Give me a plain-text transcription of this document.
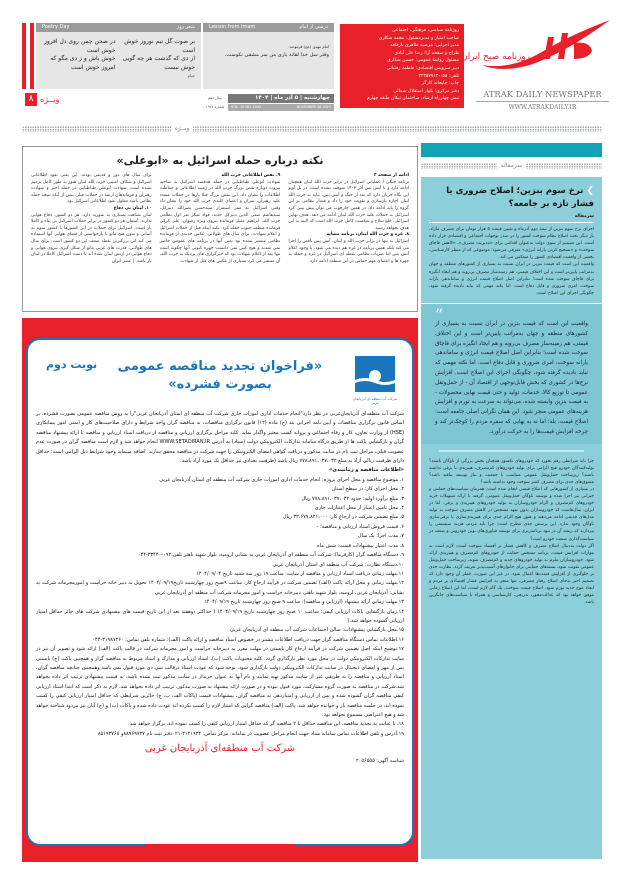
Poetry Day	شعر روز
بر صوت گل تیم نوروز خوش است
از دی که گذشت هر چه گویی خوش نیست
خیام
در صحن چمن روی دل افروز خوش است
خوش باش و ز دی مگو که امروز خوش است
Lesson from Imam	درسی از امام
امام مهدی (عج) فرمودند:
وقتر سل خدا لقانه باری من سر مشقی نکوست.
سال دهم
شماره ۱۹۴۲
چهارشنبه | ۵ آذر ماه | ۱۴۰۴
VOL. 10 NO. 1942	NOVEMBER 26 2025
۸ ویــژه
روزنامه سیاسی، فرهنگی، اجتماعی
صاحب امتیاز و مدیرمسئول: محمد شکاری
مدیر اجرایی: مرضیه طاهری بازقلعه
طراح و صفحه آرا: رضا علی آبادی
مسئول روابط عمومی: حسین شکاری
دبیر سرویس اقتصادی: فاطمه رفتیانی
تلفن: ۰۵۸-۳۲۲۵۷۷۱۲
چاپ: چاپخانه کارگر
دفتر مرکزی: بلوار استقلال شمالی
نبش چهارراه ارشاد، ساختمان نیکان طبقه چهارم
روزنامه صبح ایران
ATRAK DAILY NEWSPAPER
WWW.ATRAKDAILY.IR
ویــژه
نکته درباره حمله اسرائیل به «ابوعلی»
ادامه از صفحه ۲
برنامه جنگی / عملیاتی اسرائیل در برابر حزب الله لبنان همچنان ادامه دارد و با آتش بس آذر ۱۴۰۳ متوقف نشده است. در تل آویو این نگاه جریان دارد که بعد از جنگ و آتش بس، نباید به حزب الله لبنان اجازه بازسازی و تقویت خود را داد و فشار نظامی بر این گروه را باید ادامه داد. در همین چارچوب می توان پیش بینی کرد اسرائیل به حملات علیه حزب الله لبنان ادامه می دهد. هدف نهایی اسرائیل، خلع سلاح و شکست کامل حزب الله است که البته به این هدف نخواهد رسید.
۸. غزه و حزب الله لبنان، برنامه مشابه
اسرائیل نه تنها در برابر حزب الله و لبنان، آتش بس ناقص را اجرا می کند بلکه همین برنامه در غزه هم دیده می شود. با وجود اعلام آتش بس اما ضربات نظامی نقطه ای اسرائیل در غزه و حمله به چهره ها و اعضای مهم حماس در این منطقه ادامه دارد.
۹. نقص اطلاعاتی حزب الله
شهادت ابوعلی طباطبایی در حمله هدفمند اسرائیل به ضاحیه بیروت دوباره نقص بزرگ حزب الله در زمینه اطلاعاتی و حفاظت اطلاعات را نشان داد. این نقص بزرگ قبلا بارها در حملات متعدد علیه رهبران، سران و اعضای کلیدی حزب الله خود را نشان داد وقتی اسرائیل به مقر استقرار سیدحسن نصرالله دبیرکل، سیدهاشم صفی الدین دبیرکل جدید، فواد شکر نفر اول نظامی حزب الله، ابراهیم عقیل فرمانده نیروی ویژه رضوان، علی کرکی فرمانده منطقه جنوب حمله کرد. نکته اینکه قبل از حملات اسرائیل و اعلام شهادت، برای سال های طولانی، عکس جدیدی از فرمانده نظامی منتشر نشده بود یعنی آنها در برنامه های عمومی حاضر نمی شدند و هیچ کس نمی دانست چهره کنونی آنها چگونه است تنها بعد از اعلام شهادت بود که خبرگزاری های نزدیک به حزب الله، آن منتشر می کرد بسیاری از عکس های قبل از شهادت.
برای سال های دور و قدیمی بودند. این یعنی نفوذ اطلاعاتی اسرائیل و شکاف امنیتی حزب الله لبنان هنوز به طور کامل ترمیم نشده است. شهادت ابوعلی طباطبایی در حمله اخیر و شهادت رهبران و فرماندهان ارشد در حملات قبلی بیش از آنکه نتیجه حمله نظامی باشد معلول نفوذ اطلاعاتی اسرائیل بود.
۱۰. لبنان بی دفاع
لبنان شباهت بسیاری به سوریه دارد. هر دو کشور، دفاع هوایی ندارند. آسمان هر دو کشور در برابر حملات اسرائیل بی پناه و کاملا باز است. اسرائیل برای حملات در این کشورها با کشور سوم به آسانی و بدون هیچ مانع یا بازخواستی از فضای هوایی آنها استفاده می کند این بزرگترین نقطه ضعف این دو کشور است. برای سال های طولانی، قدرت های غربی مانع از شکل گیری نیروی هوایی و دفاع هوایی در ارتش لبنان شده اند تا دست اسرائیل کاملا در لبنان باز باشد. | عصر ایران
نوبت دوم
شرکت آب منطقه ای آذربایجان غربی
«فراخوان تجدید مناقصه عمومی
بصورت فشرده»

شرکت آب منطقه‌ای آذربایجان‌غربی در نظر دارد"انجام خدمات اداری امورات جاری شرکت آب منطقه ای استان آذربایجان غربی"را به روش مناقصه عمومی بصورت فشرده، بر اساس قانون برگزاری مناقصات و آیین نامه اجرایی بند (ج) ماده (۱۲) قانون برگزاری مناقصات، به مناقصه گران واجد شرایط و دارای صلاحیت‌های کار و ایمنی امور پیمانکاری (HSE) از وزارت تعاون، کار و رفاه اجتماعی و پروانه کسب معتبر واگذار نماید. کلیه مراحل برگزاری ارزیابی و مناقصه از دریافت اسناد ارزیابی و مناقصه تا ارائه پیشنهاد مناقصه گران و بازگشایی پاکت ها از طریق درگاه سامانه تدارکات الکترونیکی دولت (ستاد) به آدرس WWW.SETADIRAN.IR انجام خواهد شد و لازم است مناقصه گران در صورت عدم عضویت قبلی، مراحل ثبت نام در سایت مذکور و دریافت گواهی امضای الکترونیکی را جهت شرکت در مناقصه محقق سازند. اضافه مینماید وجود شرایط ذیل الزامی است: حداقل دارای ظرفیت ریالی آزاد به مبلغ ۷۷۸،۸۹۱،۰۳۷،۰۳۲ ریال باشد (ظرفیت تعدادی نیز حداقل یک مورد آزاد باشد.

«اطلاعات مناقصه و زمانبندی»

۱. موضوع مناقصه و محل اجرای پروژه: انجام خدمات اداری امورات جاری شرکت آب منطقه ای استان آذربایجان غربی

۲. محل اجرای کار: در سطح استان

۳. مبلغ برآورد اولیه: حدود ۷۷۸،۸۹۱،۰۳۷،۰۳۲ ریال

۴. محل تامین اعتبار از محل اعتبارات جاری

۵. مبلغ تضمین شرکت در ارجاع کار: ۳۲،۶۷۷،۸۲۱،۰۰۰ ریال

۶. قیمت فروش اسناد ارزیابی و مناقصه: -

۷. مدت اجرا: یک سال

۸. مدت اعتبار پیشنهادات قیمت: شش ماه

۹. دستگاه مناقصه گزار (کارفرما): شرکت آب منطقه ای آذربایجان غربی به نشانی ارومیه، بلوار شهید باهنر تلفن:۰۹۲-۳۳۴۴۰-۰۴۴

۱۰.دستگاه نظارت: شرکت آب منطقه ای استان آذربایجان غربی

۱۱.مهلت زمانی دریافت اسناد ارزیابی و مناقصه از سایت: ساعت ۱۹ روز سه شنبه تاریخ ۱۴۰۴/۰۹/۰۴

۱۲.مهلت زمانی و محل ارائه پاکت (الف) تضمین شرکت در فرآیند ارجاع کار: ساعت ۹صبح روز چهارشنبه تاریخ۱۴۰۴/۰۹/۱۹ تحویل به دبیر خانه حراست و امورمحرمانه شرکت به نشانی: آذربایجان غربی، ارومیه، بلوار شهید باهنر، دبیرخانه حراست و امور محرمانه شرکت آب منطقه ای آذربایجان غربی

۱۳.مهلت زمانی ارائه پیشنهاد (ارزیابی و مناقصه): ساعت ۹ صبح روز چهارشنبه تاریخ ۱۴۰۴/۰۹/۱۹

۱۴.زمان بازگشایی پاکات ارزیابی کیفی: ساعت ۱۰ صبح روز چهارشنبه تاریخ ۱۴۰۴/۰۹/۱۹ ( حداکثر دوهفته بعد از این تاریخ قیمت های پیشنهادی شرکت های حائز حداقل امتیاز ارزیابی گشوده خواهد شد.)

۱۵.محل بازگشایی پیشنهادات: سالن اجتماعات شرکت آب منطقه ای آذربایجان غربی

۱۶.اطلاعات تماس دستگاه مناقصه گزار جهت دریافت اطلاعات بیشتر در خصوص اسناد مناقصه و ارائه پاکت (الف): شماره تلفن تماس: ۳۱۹۸۷۲۶۰-۰۴۴

۱۷.توضیح اینکه اصل تضمین شرکت در فرآیند ارجاع کار بایستی در مهلت مقرر به دبیرخانه حراست و امور محرمانه شرکت در قالب پاکت (الف) ارائه شود و تصویر آن نیز در سایت تدارکات الکترونیکی دولت در محل مورد نظر بارگذاری گردد. کلیه محتویات پاکت (ب)، اسناد ارزیابی و مدارک و اسناد مربوط به مناقصه گزار و همچنین پاکت (ج) بایستی پس از مهر و امضای دیجیتال در سایت تدارکات الکترونیکی دولت بارگذاری شود. توجه شود که عودت اسناد درقالب سی دی مورد قبول نمی باشد وهمچنین چنانچه مناقصه گران، اسناد ارزیابی و مناقصه را به طریقی غیر از سایت مذکور تهیه نمایند و نام آنها به عنوان خریدار در سایت مذکور ثبت نشده باشد، به قیمت پیشنهادی ترتیب اثر داده نخواهد شد.شرکت در مناقصه به صورت گروه مشارکت، مورد قبول نبوده و در صورت ارائه پیشنهاد به صورت مذکور، ترتیب اثر داده نخواهد شد. لازم به ذکر است که ابتدا اسناد ارزیابی کیفی مناقصه گران گشوده شده و پس از ارزیابی و امتیازدهی به مناقصه گران، پیشنهادات قیمت (پاکات الف، ب، ج) حائزین شرایطی که حداقل امتیاز ارزیابی کیفی را کسب نموده اند، در جلسه مناقصه باز و خوانده خواهد شد. پاکت (الف) مناقصه گرانی که امتیاز لازم را کسب نکرده اند عودت داده شده و پاکات (ب) و (ج) آنان نیز مردود شناخته خواهد شد و هیچ اعتراضی مسموع نخواهد بود.

۱۸. با عنایت به تجدید مناقصه، این مناقصه حداقل با ۲ مناقصه گر که حداقل امتیاز ارزیابی کیفی را کسب نموده اند، برگزار خواهد شد.

۱۹.آدرس و تلفن اطلاعات تماس سامانه ستاد جهت انجام مراحل عضویت در سامانه: مرکز تماس: ۲۱۴۱۹۳۴-۰۲۱دفتر ثبت نام ۸۸۹۶۹۷۳۷و ۸۵۱۹۳۷۶۸

شرکت آب منطقه‌ای آذربایجان غربی
شناسه آگهی: ۲۰۵۶۵۵۵
سرمقاله
❯ نرخ سوم بنزین؛ اصلاح ضروری یا فشار تازه بر جامعه؟
سرمقاله

اجرای نرخ سوم بنزین از نیمه دوم آذرماه و تعیین قیمت ۵ هزار تومان برای مصرف مازاد، بار دیگر بحث اصلاح نظام سوخت کشور را در صدر توجهات اجتماعی و اقتصادی قرار داده است. این تصمیم از سوی دولت به‌عنوان اقدامی برای «مدیریت مصرف»، «کاهش قاچاق سوخت» و «تصحیح کردن یارانه انرژی» معرفی می‌شود؛ موضوعی که از منظر کارشناسی، بخشی از واقعیت اقتصادی کشور را منعکس می کند.

واقعیت این است که قیمت بنزین در ایران نسبت به بسیاری از کشورهای منطقه و جهان به‌مراتب پایین‌تر است و این اختلاف قیمتی، هم زمینه‌ساز مصرف بی‌رویه و هم ایجاد انگیزه برای قاچاق سوخت شده است؛ بنابراین اصل اصلاح قیمت انرژی و ساماندهی یارانه سوخت، امری ضروری و قابل دفاع است. اما نکته مهمی که نباید نادیده گرفته شود، چگونگی اجرای این اصلاح است.

”

واقعیت این است که قیمت بنزین در ایران نسبت به بسیاری از کشورهای منطقه و جهان به‌مراتب پایین‌تر است و این اختلاف قیمتی، هم زمینه‌ساز مصرف بی‌رویه و هم ایجاد انگیزه برای قاچاق سوخت شده است؛ بنابراین اصل اصلاح قیمت انرژی و ساماندهی یارانه سوخت، امری ضروری و قابل دفاع است. اما نکته مهمی که نباید نادیده گرفته شود، چگونگی اجرای این اصلاح است. افزایش نرخ‌ها در کشوری که بخش قابل‌توجهی از اقتصاد آن - از حمل‌ونقل عمومی تا توزیع کالا، خدمات، تولید و حتی قیمت نهایی محصولات - به قیمت بنزین وابسته شده، می‌تواند به سرعت به تورم و افزایش هزینه‌های عمومی منجر شود. این همان نگرانی اصلی جامعه است: اصلاح قیمت، بله؛ اما نه به بهایی که سفره مردم را کوچک‌تر کند و چرخه افزایش قیمت‌ها را به حرکت درآورد.

چرا باید شرایطی رقم بخورد که خودروهای تکسوز همچنان بخش بزرگی از ناوگان باشند؟ تولیدکنندگان خودرو هیچ الزامی برای تولید خودروهای کم‌مصرف، هیبریدی یا برقی نداشته باشند؟ زیرساخت حمل‌ونقل عمومی متناسب با جمعیت و نیاز توسعه نیافته باشد؟ مشوق‌های جدی برای مصرف کمتر سوخت وجود نداشته باشد؟

در بسیاری از کشورهایی که اصلاح قیمتی انجام شده است، همزمان سیاست‌های حمایتی و جبرانی نیز اجرا شده و توسعه ناوگان حمل‌ونقل عمومی، گرفته تا ارائه تسهیلات خرید خودروهای کم‌مصرف و الزام خودروسازان به تولید خودروهای هیبریدی و برقی. اما در ایران، سال‌هاست که خودروسازان بدون تعهد مشخص در کاهش مصرف سوخت به تولید مدل‌های قدیمی ادامه می‌دهند و هنوز هیچ الزام جدی برای هیبریدی‌سازی یا برقی‌سازی ناوگان وجود ندارد. این پرسش جدی مطرح است: چرا باید مردم، هزینه سیستمی را بپردازند که ریشه آن در نبود برنامه‌ریزی برای توسعه فناوری‌های نوین خودرویی و ضعف در سیاست‌گذاری صنعت خودرو است؟

اگر دولت به‌دنبال اصلاح مصرف و کاهش فشار بر اقتصاد سوخت است، لازم است به موازات افزایش قیمت، برنامه مشخص حمایت از خودروهای کم‌مصرف و هیبریدی ارائه شود. خودروسازان ملزم به تولید خودروهای جدید و کم‌مصرف شوند، زیرساخت حمل‌ونقل عمومی تقویت شود، بسته‌های حمایتی برای خانوارهای آسیب‌پذیر تعریف گردد. نظارت جدی بر جلوگیری از افزایش قیمت‌ها اعمال شود. در غیر این صورت، خطر آن وجود دارد که تصمیم اخیر به‌جای اصلاح رفتار مصرفی، تنها منجر به افزایش فشار اقتصادی بر مردم و ایجاد موج جدید تورم شود. اصلاح قیمت سوخت، یک گام لازم است، اما این اصلاح زمانی موفق خواهد بود که عدالت‌محور، تدریجی، کارشناسی و همراه با سیاست‌های جایگزین باشد.
